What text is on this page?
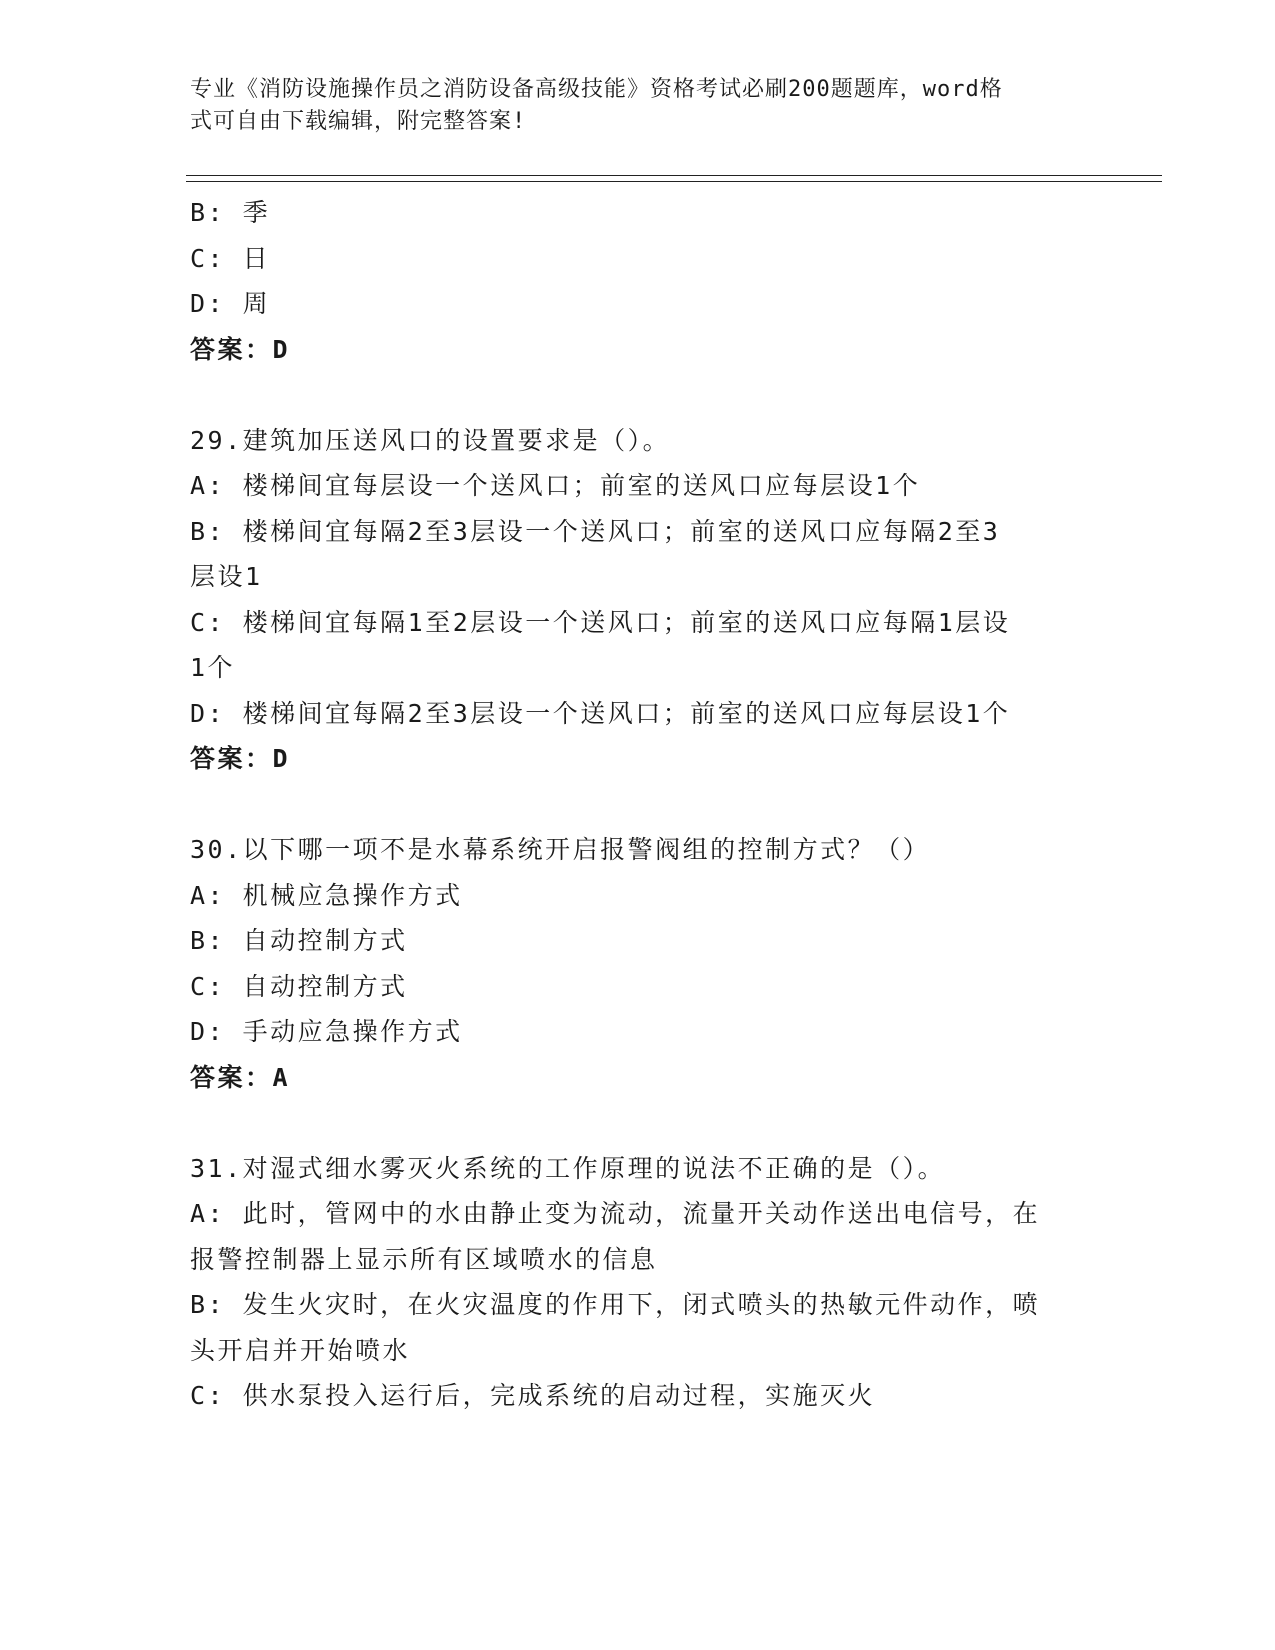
专业《消防设施操作员之消防设备高级技能》资格考试必刷200题题库，word格
式可自由下载编辑，附完整答案!
B: 季
C: 日
D: 周
答案：D
29.建筑加压送风口的设置要求是（）。
A: 楼梯间宜每层设一个送风口；前室的送风口应每层设1个
B: 楼梯间宜每隔2至3层设一个送风口；前室的送风口应每隔2至3
层设1
C: 楼梯间宜每隔1至2层设一个送风口；前室的送风口应每隔1层设
1个
D: 楼梯间宜每隔2至3层设一个送风口；前室的送风口应每层设1个
答案：D
30.以下哪一项不是水幕系统开启报警阀组的控制方式？（）
A: 机械应急操作方式
B: 自动控制方式
C: 自动控制方式
D: 手动应急操作方式
答案：A
31.对湿式细水雾灭火系统的工作原理的说法不正确的是（）。
A: 此时，管网中的水由静止变为流动，流量开关动作送出电信号，在
报警控制器上显示所有区域喷水的信息
B: 发生火灾时，在火灾温度的作用下，闭式喷头的热敏元件动作，喷
头开启并开始喷水
C: 供水泵投入运行后，完成系统的启动过程，实施灭火
